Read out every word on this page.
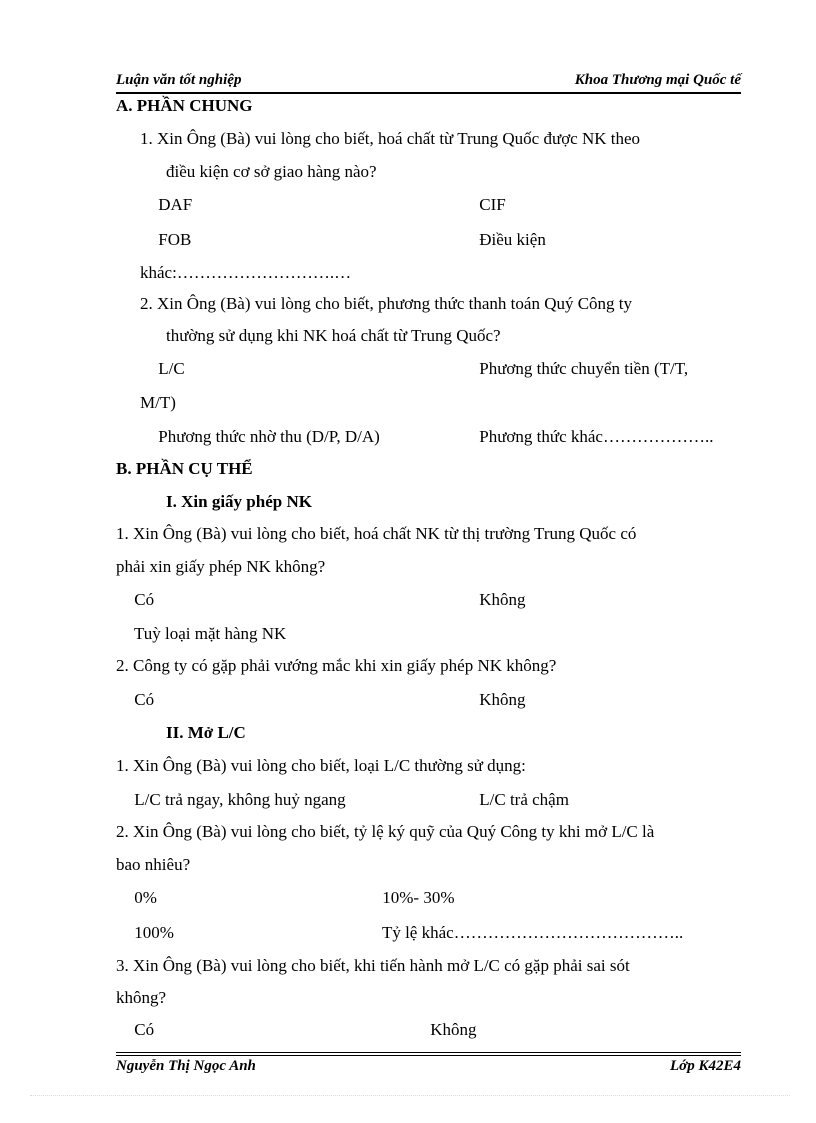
Luận văn tốt nghiệp	Khoa Thương mại Quốc tế
A. PHẦN CHUNG
1. Xin Ông (Bà) vui lòng cho biết, hoá chất từ Trung Quốc được NK theo
điều kiện cơ sở giao hàng nào?
DAF	CIF
FOB	Điều kiện
khác:……………………….…
2. Xin Ông (Bà) vui lòng cho biết, phương thức thanh toán Quý Công ty
thường sử dụng khi NK hoá chất từ Trung Quốc?
L/C	Phương thức chuyển tiền (T/T,
M/T)
Phương thức nhờ thu (D/P, D/A)	Phương thức khác………………..
B. PHẦN CỤ THỂ
I. Xin giấy phép NK
1. Xin Ông (Bà) vui lòng cho biết, hoá chất NK từ thị trường Trung Quốc có
phải xin giấy phép NK không?
Có	Không
Tuỳ loại mặt hàng NK
2. Công ty có gặp phải vướng mắc khi xin giấy phép NK không?
Có	Không
II. Mở L/C
1. Xin Ông (Bà) vui lòng cho biết, loại L/C thường sử dụng:
L/C trả ngay, không huỷ ngang	L/C trả chậm
2. Xin Ông (Bà) vui lòng cho biết, tỷ lệ ký quỹ của Quý Công ty khi mở L/C là
bao nhiêu?
0%	10%- 30%
100%	Tỷ lệ khác…………………………………..
3. Xin Ông (Bà) vui lòng cho biết, khi tiến hành mở L/C có gặp phải sai sót
không?
Có	Không
Nguyễn Thị Ngọc Anh	Lớp K42E4
